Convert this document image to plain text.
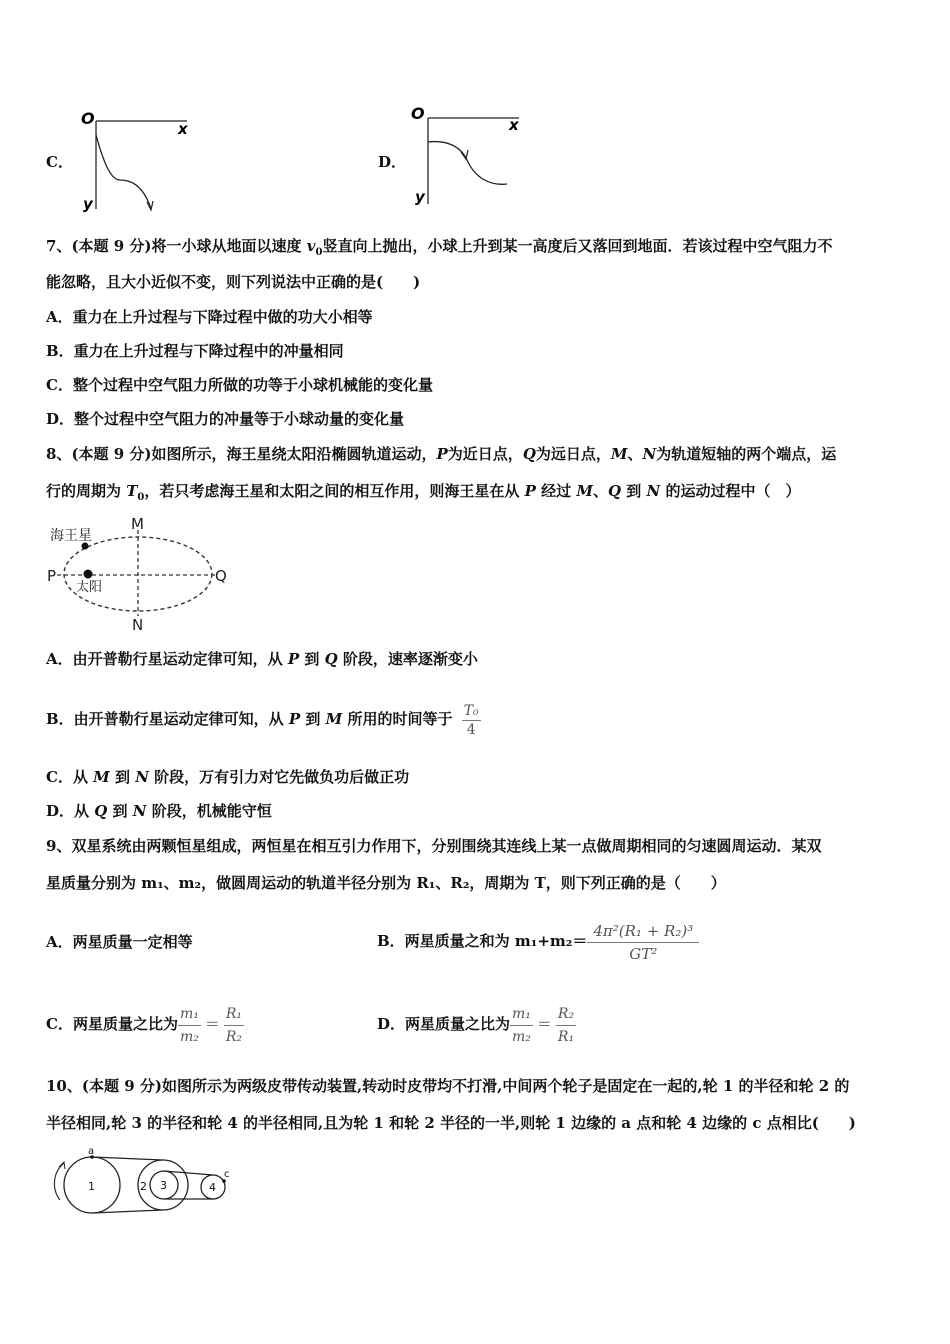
C．
O
x
y
D．
O
x
y
7、(本题 9 分)将一小球从地面以速度 $v_0$竖直向上抛出，小球上升到某一高度后又落回到地面．若该过程中空气阻力不
能忽略，且大小近似不变，则下列说法中正确的是(　　)
A．重力在上升过程与下降过程中做的功大小相等
B．重力在上升过程与下降过程中的冲量相同
C．整个过程中空气阻力所做的功等于小球机械能的变化量
D．整个过程中空气阻力的冲量等于小球动量的变化量
8、(本题 9 分)如图所示，海王星绕太阳沿椭圆轨道运动，P为近日点，Q为远日点，M、N为轨道短轴的两个端点，运
行的周期为 $T_0$，若只考虑海王星和太阳之间的相互作用，则海王星在从 P 经过 M、Q 到 N 的运动过程中（　）
海王星
太阳
M
N
P	Q
A．由开普勒行星运动定律可知，从 P 到 Q 阶段，速率逐渐变小
B．由开普勒行星运动定律可知，从 P 到 M 所用的时间等于 $\frac{\text{T₀}}{4}$
C．从 M 到 N 阶段，万有引力对它先做负功后做正功
D．从 Q 到 N 阶段，机械能守恒
9、双星系统由两颗恒星组成，两恒星在相互引力作用下，分别围绕其连线上某一点做周期相同的匀速圆周运动．某双
星质量分别为 m₁、m₂，做圆周运动的轨道半径分别为 R₁、R₂，周期为 T，则下列正确的是（　　）
A．两星质量一定相等	B．两星质量之和为 $m_1+m_2= \frac{\text{4π²(R₁ + R₂)³}}{\text{GT²}}$
C．两星质量之比为 $\frac{\text{m₁}}{\text{m₂}} = \frac{\text{R₁}}{\text{R₂}}$	D．两星质量之比为 $\frac{\text{m₁}}{\text{m₂}} = \frac{\text{R₂}}{\text{R₁}}$
10、(本题 9 分)如图所示为两级皮带传动装置,转动时皮带均不打滑,中间两个轮子是固定在一起的,轮 1 的半径和轮 2 的
半径相同,轮 3 的半径和轮 4 的半径相同,且为轮 1 和轮 2 半径的一半,则轮 1 边缘的 a 点和轮 4 边缘的 c 点相比(　　)
1	2 3	4
a
c
